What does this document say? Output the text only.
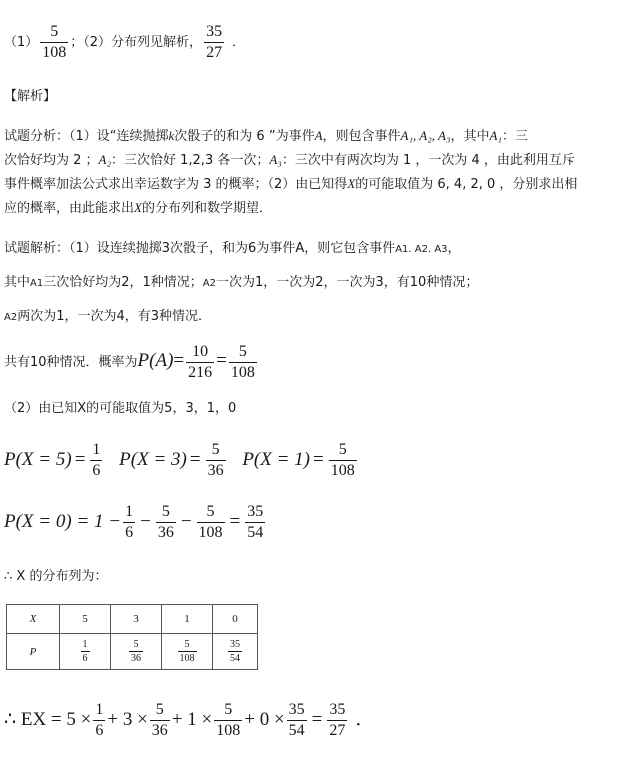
$(1) \frac{5}{108}$ ；（2）分布列见解析， $\frac{35}{27}$ ．
【解析】
试题分析：（1）设“连续抛掷k次骰子的和为 6 ”为事件A，则包含事件A₁, A₂, A₃，其中A₁：三
次恰好均为 2 ；A₂：三次恰好 1,2,3 各一次；A₃：三次中有两次均为 1 ，一次为 4 ，由此利用互斥
事件概率加法公式求出幸运数字为 3 的概率；（2）由已知得X的可能取值为 6, 4, 2, 0 ，分别求出相
应的概率，由此能求出X的分布列和数学期望．
试题解析：（1）设连续抛掷3次骰子，和为6为事件A，则它包含事件A1. A2. A3，
其中A1三次恰好均为2，1种情况；A2一次为1，一次为2，一次为3，有10种情况；
A2两次为1，一次为4，有3种情况．
共有10种情况．概率为$P(A)= \frac{10}{216} = \frac{5}{108}$
（2）由已知X的可能取值为5，3，1，0
$P(X = 5) = \frac{1}{6} P(X = 3) = \frac{5}{36} P(X = 1) = \frac{5}{108}$
$P(X = 0) = 1 - \frac{1}{6} - \frac{5}{36} - \frac{5}{108} = \frac{35}{54}$
∴ X 的分布列为：
X	5	3	1	0
P	$\frac{1}{6}$	$\frac{5}{36}$	$\frac{5}{108}$	$\frac{35}{54}$
∴ EX = $5 \times \frac{1}{6} + 3 \times \frac{5}{36} + 1 \times \frac{5}{108} + 0 \times \frac{35}{54} = \frac{35}{27}$ ．
